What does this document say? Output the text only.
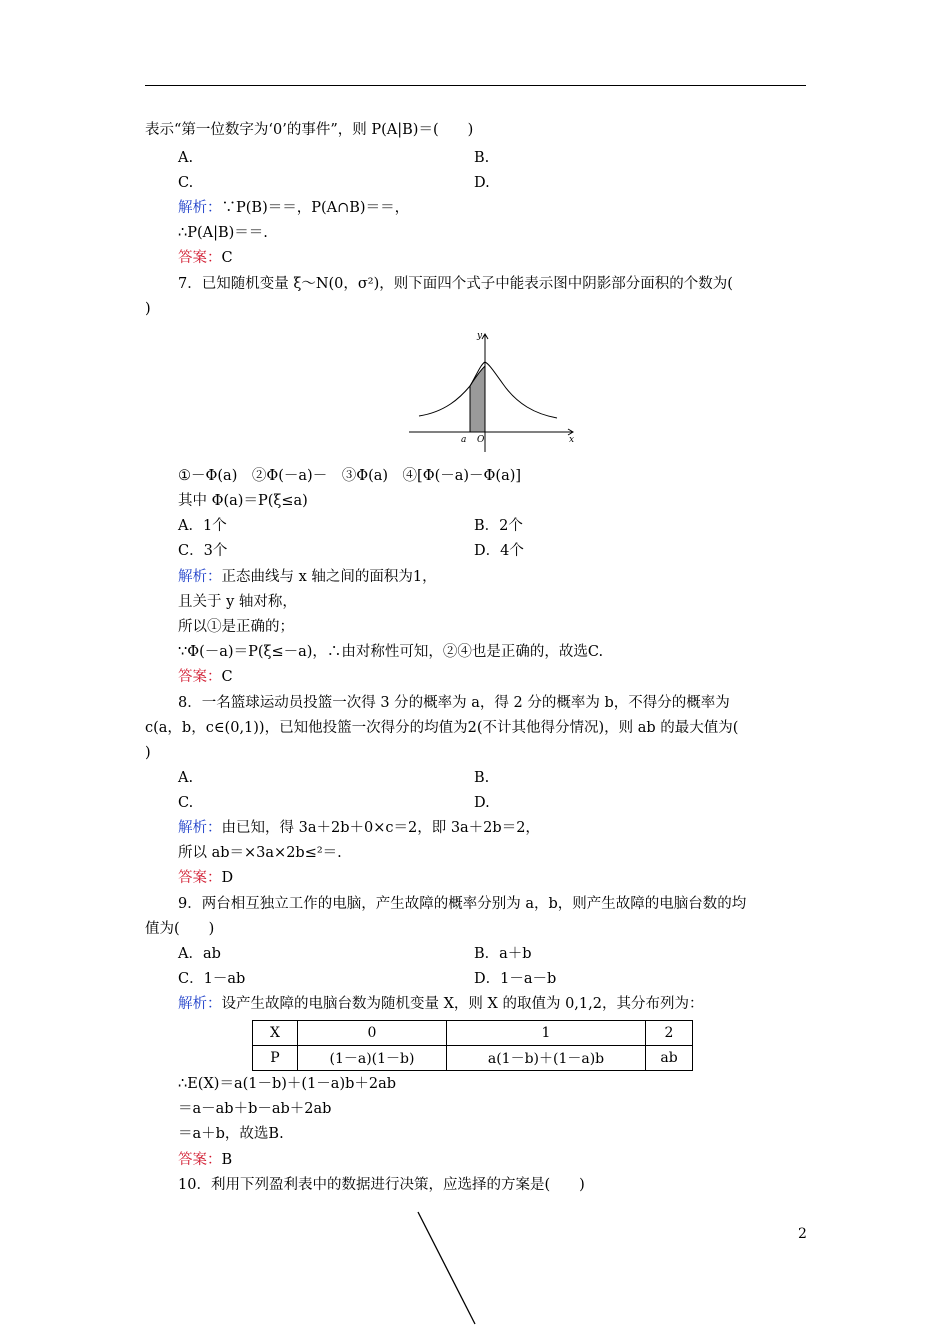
表示“第一位数字为‘0’的事件”，则 P(A|B)＝(　　)
A.	B.
C.	D.
解析：∵P(B)＝＝，P(A∩B)＝＝，
∴P(A|B)＝＝.
答案：C
7．已知随机变量 ξ～N(0，σ²)，则下面四个式子中能表示图中阴影部分面积的个数为(
)
y
x
a O
①－Φ(a)　②Φ(－a)－　③Φ(a)　④[Φ(－a)－Φ(a)]
其中 Φ(a)＝P(ξ≤a)
A．1个	B．2个
C．3个	D．4个
解析：正态曲线与 x 轴之间的面积为1，
且关于 y 轴对称，
所以①是正确的；
∵Φ(－a)＝P(ξ≤－a)，∴由对称性可知，②④也是正确的，故选C.
答案：C
8．一名篮球运动员投篮一次得 3 分的概率为 a，得 2 分的概率为 b，不得分的概率为
c(a，b，c∈(0,1))，已知他投篮一次得分的均值为2(不计其他得分情况)，则 ab 的最大值为(
)
A.	B.
C.	D.
解析：由已知，得 3a＋2b＋0×c＝2，即 3a＋2b＝2，
所以 ab＝×3a×2b≤²＝.
答案：D
9．两台相互独立工作的电脑，产生故障的概率分别为 a，b，则产生故障的电脑台数的均
值为(　　)
A．ab	B．a＋b
C．1－ab	D．1－a－b
解析：设产生故障的电脑台数为随机变量 X，则 X 的取值为 0,1,2，其分布列为：
X	0	1	2
P	(1－a)(1－b)	a(1－b)＋(1－a)b	ab
∴E(X)＝a(1－b)＋(1－a)b＋2ab
＝a－ab＋b－ab＋2ab
＝a＋b，故选B.
答案：B
10．利用下列盈利表中的数据进行决策，应选择的方案是(　　)
2
